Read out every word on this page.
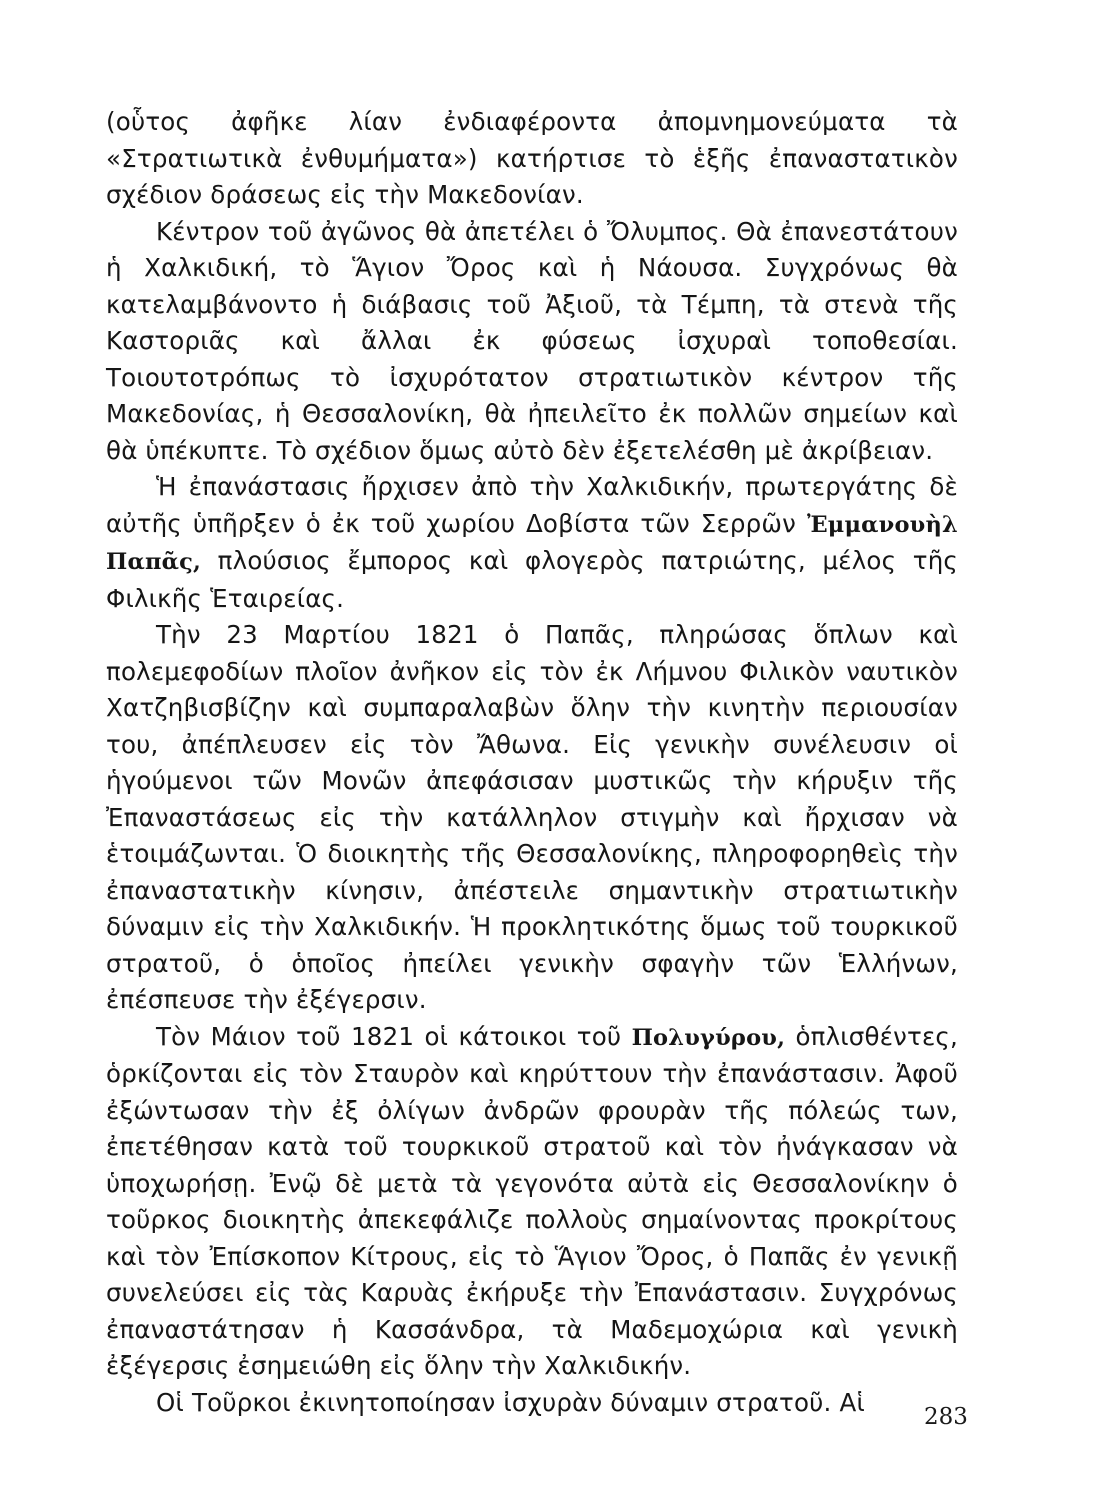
(οὗτος ἀφῆκε λίαν ἐνδιαφέροντα ἀπομνημονεύματα τὰ «Στρατιωτικὰ ἐνθυμήματα») κατήρτισε τὸ ἑξῆς ἐπαναστατικὸν σχέδιον δράσεως εἰς τὴν Μακεδονίαν.

Κέντρον τοῦ ἀγῶνος θὰ ἀπετέλει ὁ Ὄλυμπος. Θὰ ἐπανεστάτουν ἡ Χαλκιδική, τὸ Ἅγιον Ὄρος καὶ ἡ Νάουσα. Συγχρόνως θὰ κατελαμβάνοντο ἡ διάβασις τοῦ Ἀξιοῦ, τὰ Τέμπη, τὰ στενὰ τῆς Καστοριᾶς καὶ ἄλλαι ἐκ φύσεως ἰσχυραὶ τοποθεσίαι. Τοιουτοτρόπως τὸ ἰσχυρότατον στρατιωτικὸν κέντρον τῆς Μακεδονίας, ἡ Θεσσαλονίκη, θὰ ἠπειλεῖτο ἐκ πολλῶν σημείων καὶ θὰ ὑπέκυπτε. Τὸ σχέδιον ὅμως αὐτὸ δὲν ἐξετελέσθη μὲ ἀκρίβειαν.

Ἡ ἐπανάστασις ἤρχισεν ἀπὸ τὴν Χαλκιδικήν, πρωτεργάτης δὲ αὐτῆς ὑπῆρξεν ὁ ἐκ τοῦ χωρίου Δοβίστα τῶν Σερρῶν Ἐμμανουὴλ Παπᾶς, πλούσιος ἔμπορος καὶ φλογερὸς πατριώτης, μέλος τῆς Φιλικῆς Ἑταιρείας.

Τὴν 23 Μαρτίου 1821 ὁ Παπᾶς, πληρώσας ὅπλων καὶ πολεμεφοδίων πλοῖον ἀνῆκον εἰς τὸν ἐκ Λήμνου Φιλικὸν ναυτικὸν Χατζηβισβίζην καὶ συμπαραλαβὼν ὅλην τὴν κινητὴν περιουσίαν του, ἀπέπλευσεν εἰς τὸν Ἄθωνα. Εἰς γενικὴν συνέλευσιν οἱ ἡγούμενοι τῶν Μονῶν ἀπεφάσισαν μυστικῶς τὴν κήρυξιν τῆς Ἐπαναστάσεως εἰς τὴν κατάλληλον στιγμὴν καὶ ἤρχισαν νὰ ἑτοιμάζωνται. Ὁ διοικητὴς τῆς Θεσσαλονίκης, πληροφορηθεὶς τὴν ἐπαναστατικὴν κίνησιν, ἀπέστειλε σημαντικὴν στρατιωτικὴν δύναμιν εἰς τὴν Χαλκιδικήν. Ἡ προκλητικότης ὅμως τοῦ τουρκικοῦ στρατοῦ, ὁ ὁποῖος ἠπείλει γενικὴν σφαγὴν τῶν Ἑλλήνων, ἐπέσπευσε τὴν ἐξέγερσιν.

Τὸν Μάιον τοῦ 1821 οἱ κάτοικοι τοῦ Πολυγύρου, ὁπλισθέντες, ὁρκίζονται εἰς τὸν Σταυρὸν καὶ κηρύττουν τὴν ἐπανάστασιν. Ἀφοῦ ἐξώντωσαν τὴν ἐξ ὀλίγων ἀνδρῶν φρουρὰν τῆς πόλεώς των, ἐπετέθησαν κατὰ τοῦ τουρκικοῦ στρατοῦ καὶ τὸν ἠνάγκασαν νὰ ὑποχωρήσῃ. Ἐνῷ δὲ μετὰ τὰ γεγονότα αὐτὰ εἰς Θεσσαλονίκην ὁ τοῦρκος διοικητὴς ἀπεκεφάλιζε πολλοὺς σημαίνοντας προκρίτους καὶ τὸν Ἐπίσκοπον Κίτρους, εἰς τὸ Ἅγιον Ὄρος, ὁ Παπᾶς ἐν γενικῇ συνελεύσει εἰς τὰς Καρυὰς ἐκήρυξε τὴν Ἐπανάστασιν. Συγχρόνως ἐπαναστάτησαν ἡ Κασσάνδρα, τὰ Μαδεμοχώρια καὶ γενικὴ ἐξέγερσις ἐσημειώθη εἰς ὅλην τὴν Χαλκιδικήν.

Οἱ Τοῦρκοι ἐκινητοποίησαν ἰσχυρὰν δύναμιν στρατοῦ. Αἱ

283
